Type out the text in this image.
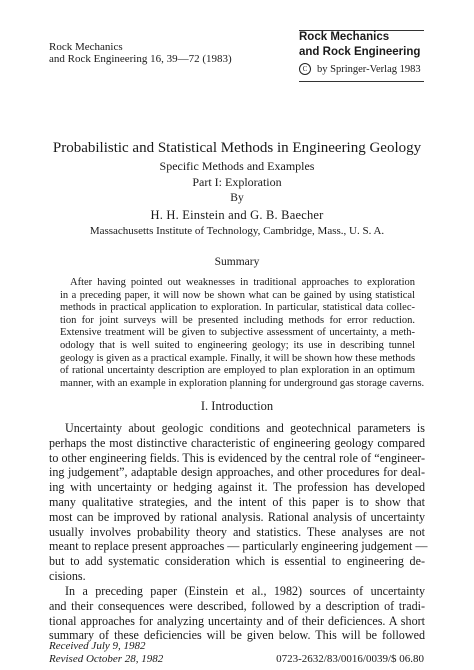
Rock Mechanics
and Rock Engineering 16, 39—72 (1983)
Rock Mechanics
and Rock Engineering
C by Springer-Verlag 1983
Probabilistic and Statistical Methods in Engineering Geology
Specific Methods and Examples
Part I: Exploration
By
H. H. Einstein and G. B. Baecher
Massachusetts Institute of Technology, Cambridge, Mass., U. S. A.
Summary
After having pointed out weaknesses in traditional approaches to exploration
in a preceding paper, it will now be shown what can be gained by using statistical
methods in practical application to exploration. In particular, statistical data collec-
tion for joint surveys will be presented including methods for error reduction.
Extensive treatment will be given to subjective assessment of uncertainty, a meth-
odology that is well suited to engineering geology; its use in describing tunnel
geology is given as a practical example. Finally, it will be shown how these methods
of rational uncertainty description are employed to plan exploration in an optimum
manner, with an example in exploration planning for underground gas storage caverns.
I. Introduction
Uncertainty about geologic conditions and geotechnical parameters is
perhaps the most distinctive characteristic of engineering geology compared
to other engineering fields. This is evidenced by the central role of “engineer-
ing judgement”, adaptable design approaches, and other procedures for deal-
ing with uncertainty or hedging against it. The profession has developed
many qualitative strategies, and the intent of this paper is to show that
most can be improved by rational analysis. Rational analysis of uncertainty
usually involves probability theory and statistics. These analyses are not
meant to replace present approaches — particularly engineering judgement —
but to add systematic consideration which is essential to engineering de-
cisions.
In a preceding paper (Einstein et al., 1982) sources of uncertainty
and their consequences were described, followed by a description of tradi-
tional approaches for analyzing uncertainty and of their deficiences. A short
summary of these deficiencies will be given below. This will be followed
Received July 9, 1982
Revised October 28, 1982	0723-2632/83/0016/0039/$ 06.80
